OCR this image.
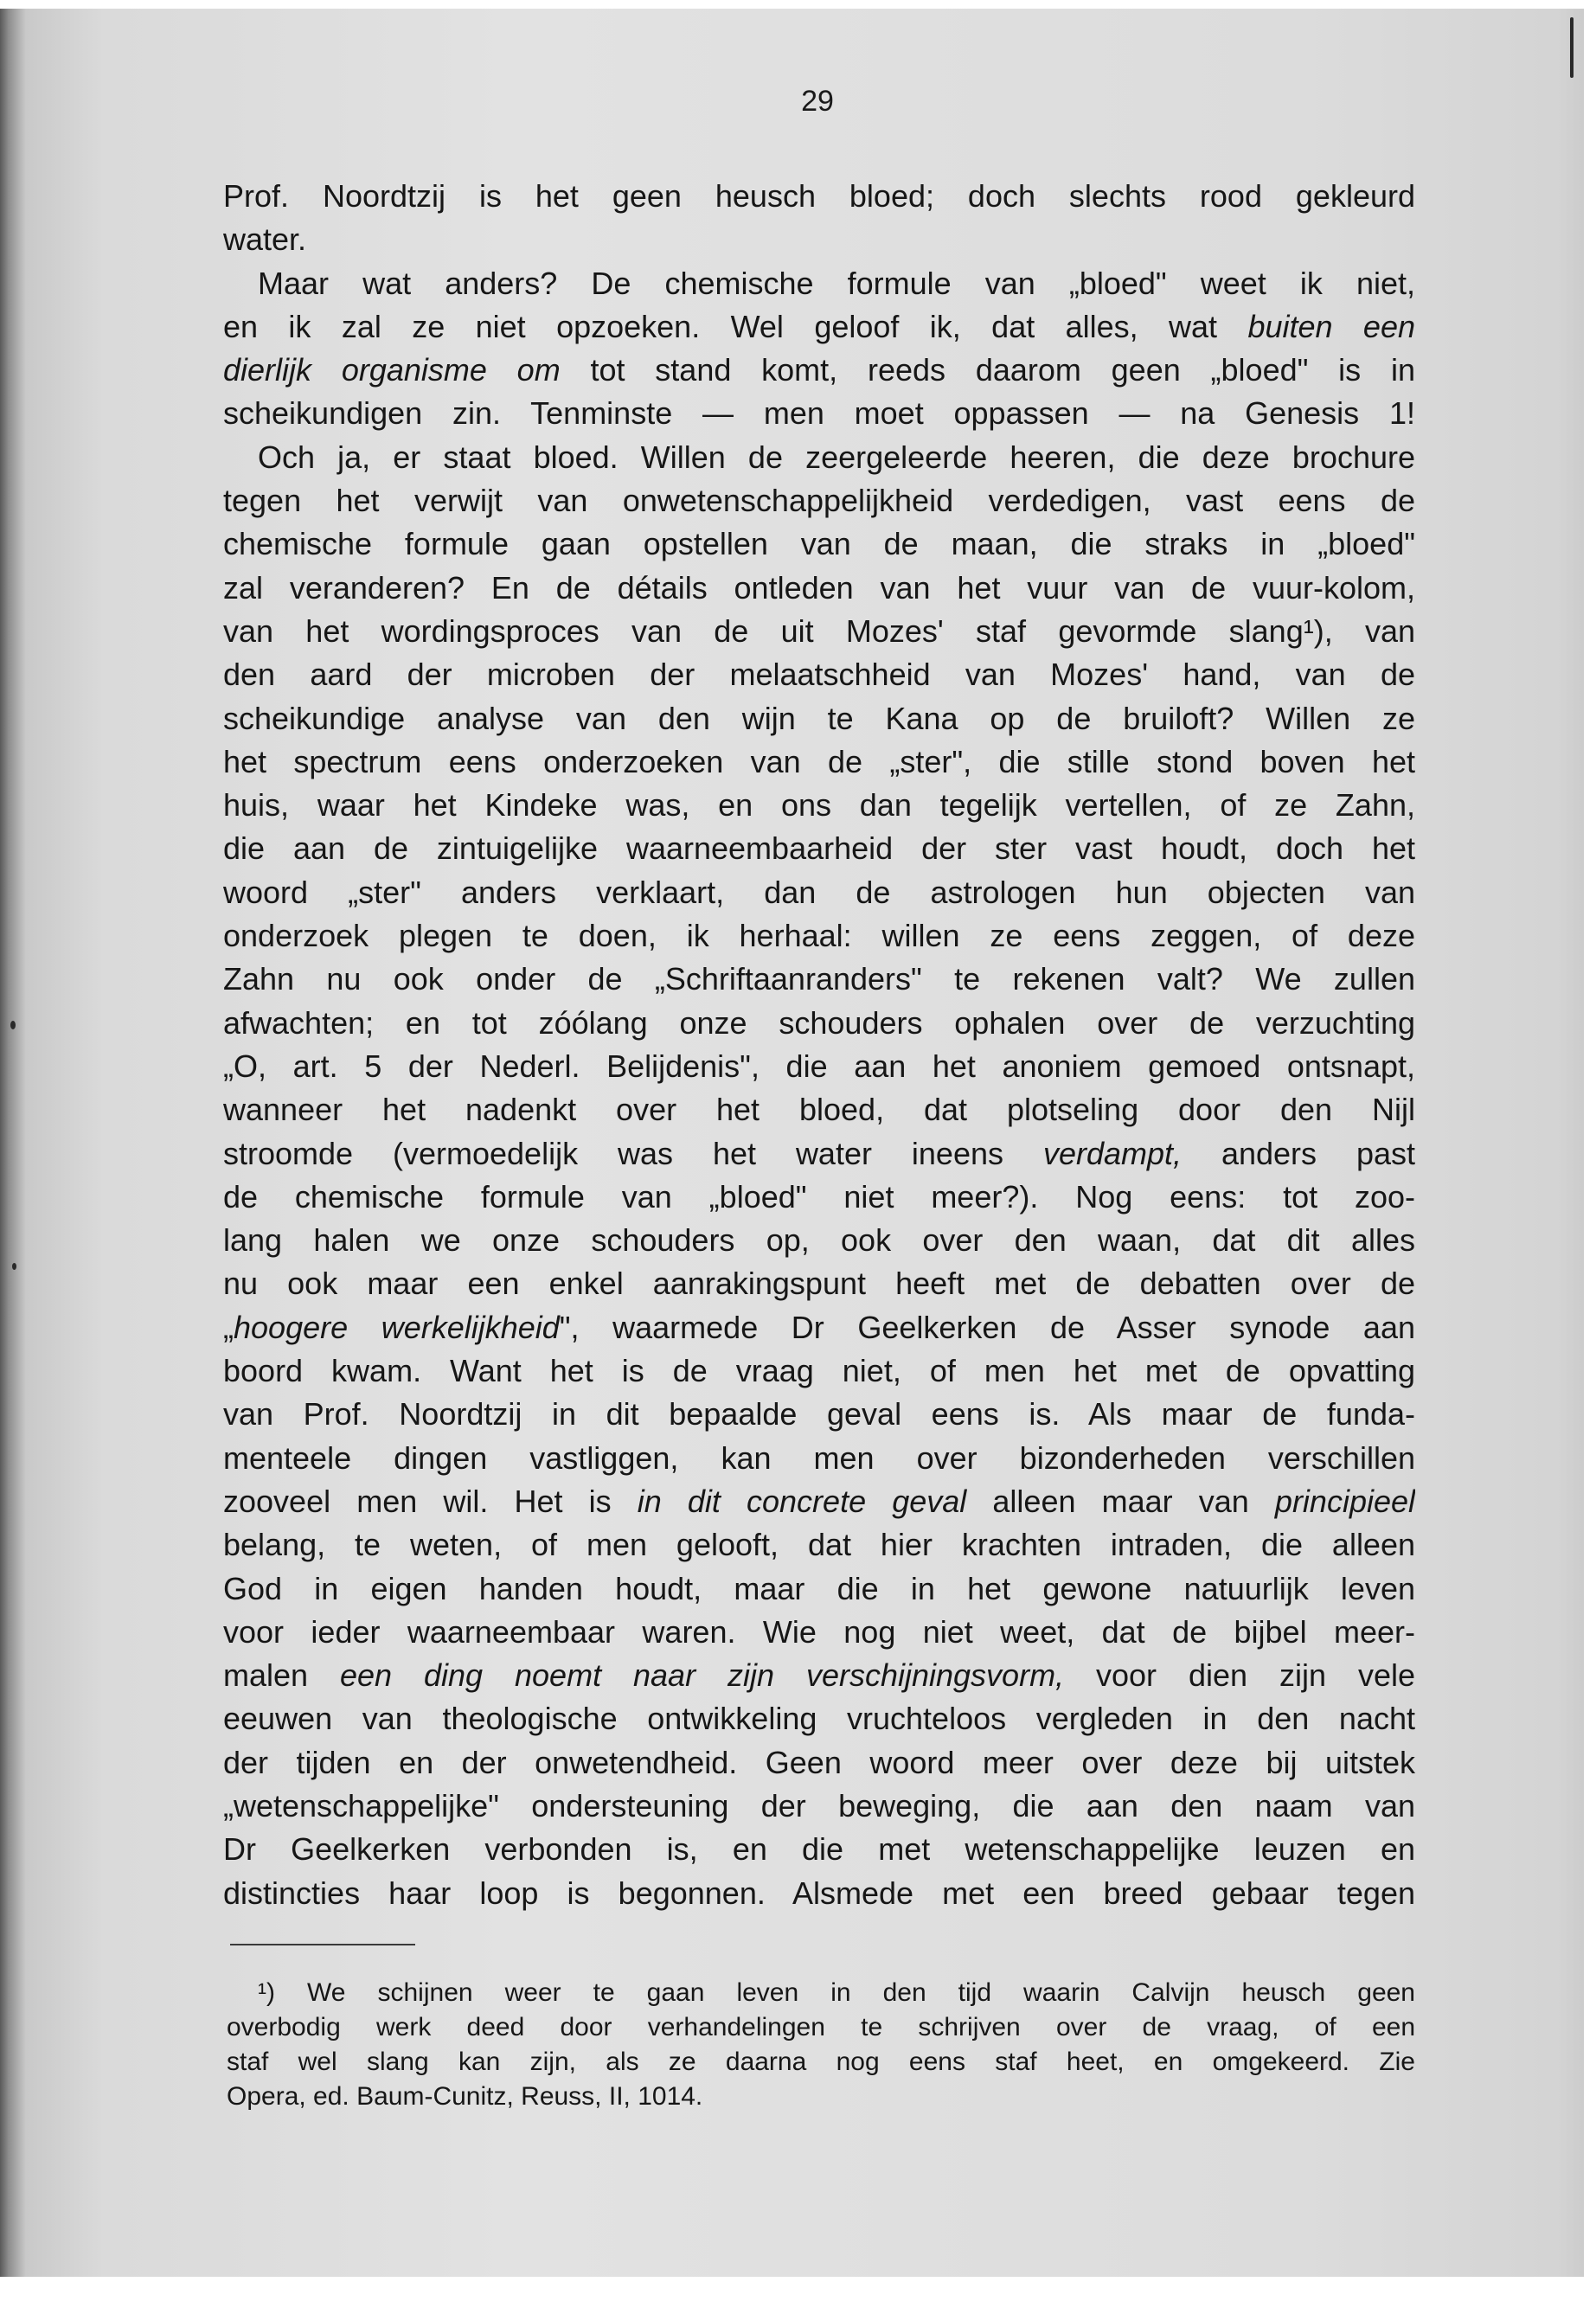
29
Prof. Noordtzij is het geen heusch bloed; doch slechts rood gekleurd
water.
Maar wat anders? De chemische formule van „bloed" weet ik niet,
en ik zal ze niet opzoeken. Wel geloof ik, dat alles, wat buiten een
dierlijk organisme om tot stand komt, reeds daarom geen „bloed" is in
scheikundigen zin. Tenminste — men moet oppassen — na Genesis 1!
Och ja, er staat bloed. Willen de zeergeleerde heeren, die deze brochure
tegen het verwijt van onwetenschappelijkheid verdedigen, vast eens de
chemische formule gaan opstellen van de maan, die straks in „bloed"
zal veranderen? En de détails ontleden van het vuur van de vuur-kolom,
van het wordingsproces van de uit Mozes' staf gevormde slang¹), van
den aard der microben der melaatschheid van Mozes' hand, van de
scheikundige analyse van den wijn te Kana op de bruiloft? Willen ze
het spectrum eens onderzoeken van de „ster", die stille stond boven het
huis, waar het Kindeke was, en ons dan tegelijk vertellen, of ze Zahn,
die aan de zintuigelijke waarneembaarheid der ster vast houdt, doch het
woord „ster" anders verklaart, dan de astrologen hun objecten van
onderzoek plegen te doen, ik herhaal: willen ze eens zeggen, of deze
Zahn nu ook onder de „Schriftaanranders" te rekenen valt? We zullen
afwachten; en tot zóólang onze schouders ophalen over de verzuchting
„O, art. 5 der Nederl. Belijdenis", die aan het anoniem gemoed ontsnapt,
wanneer het nadenkt over het bloed, dat plotseling door den Nijl
stroomde (vermoedelijk was het water ineens verdampt, anders past
de chemische formule van „bloed" niet meer?). Nog eens: tot zoo-
lang halen we onze schouders op, ook over den waan, dat dit alles
nu ook maar een enkel aanrakingspunt heeft met de debatten over de
„hoogere werkelijkheid", waarmede Dr Geelkerken de Asser synode aan
boord kwam. Want het is de vraag niet, of men het met de opvatting
van Prof. Noordtzij in dit bepaalde geval eens is. Als maar de funda-
menteele dingen vastliggen, kan men over bizonderheden verschillen
zooveel men wil. Het is in dit concrete geval alleen maar van principieel
belang, te weten, of men gelooft, dat hier krachten intraden, die alleen
God in eigen handen houdt, maar die in het gewone natuurlijk leven
voor ieder waarneembaar waren. Wie nog niet weet, dat de bijbel meer-
malen een ding noemt naar zijn verschijningsvorm, voor dien zijn vele
eeuwen van theologische ontwikkeling vruchteloos vergleden in den nacht
der tijden en der onwetendheid. Geen woord meer over deze bij uitstek
„wetenschappelijke" ondersteuning der beweging, die aan den naam van
Dr Geelkerken verbonden is, en die met wetenschappelijke leuzen en
distincties haar loop is begonnen. Alsmede met een breed gebaar tegen
¹) We schijnen weer te gaan leven in den tijd waarin Calvijn heusch geen
overbodig werk deed door verhandelingen te schrijven over de vraag, of een
staf wel slang kan zijn, als ze daarna nog eens staf heet, en omgekeerd. Zie
Opera, ed. Baum-Cunitz, Reuss, II, 1014.
